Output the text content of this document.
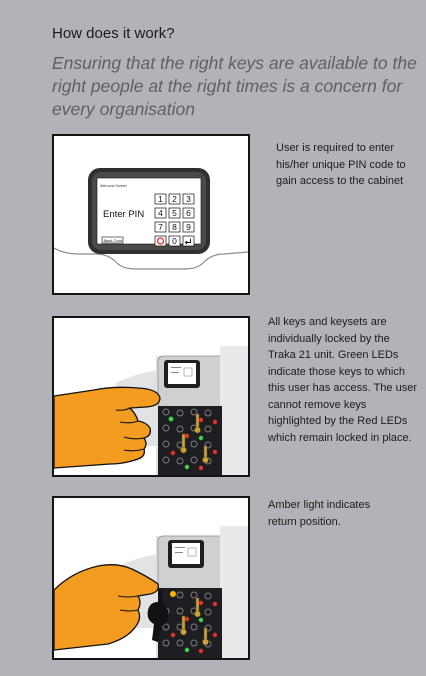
How does it work?
Ensuring that the right keys are available to the right people at the right times is a concern for every organisation
Welcome Screen
Enter PIN
1 2 3
4 5 6
7 8 9
0
Back Cont
User is required to enter his/her unique PIN code to gain access to the cabinet
All keys and keysets are individually locked by the Traka 21 unit. Green LEDs indicate those keys to which this user has access. The user cannot remove keys highlighted by the Red LEDs which remain locked in place.
Amber light indicates return position.
